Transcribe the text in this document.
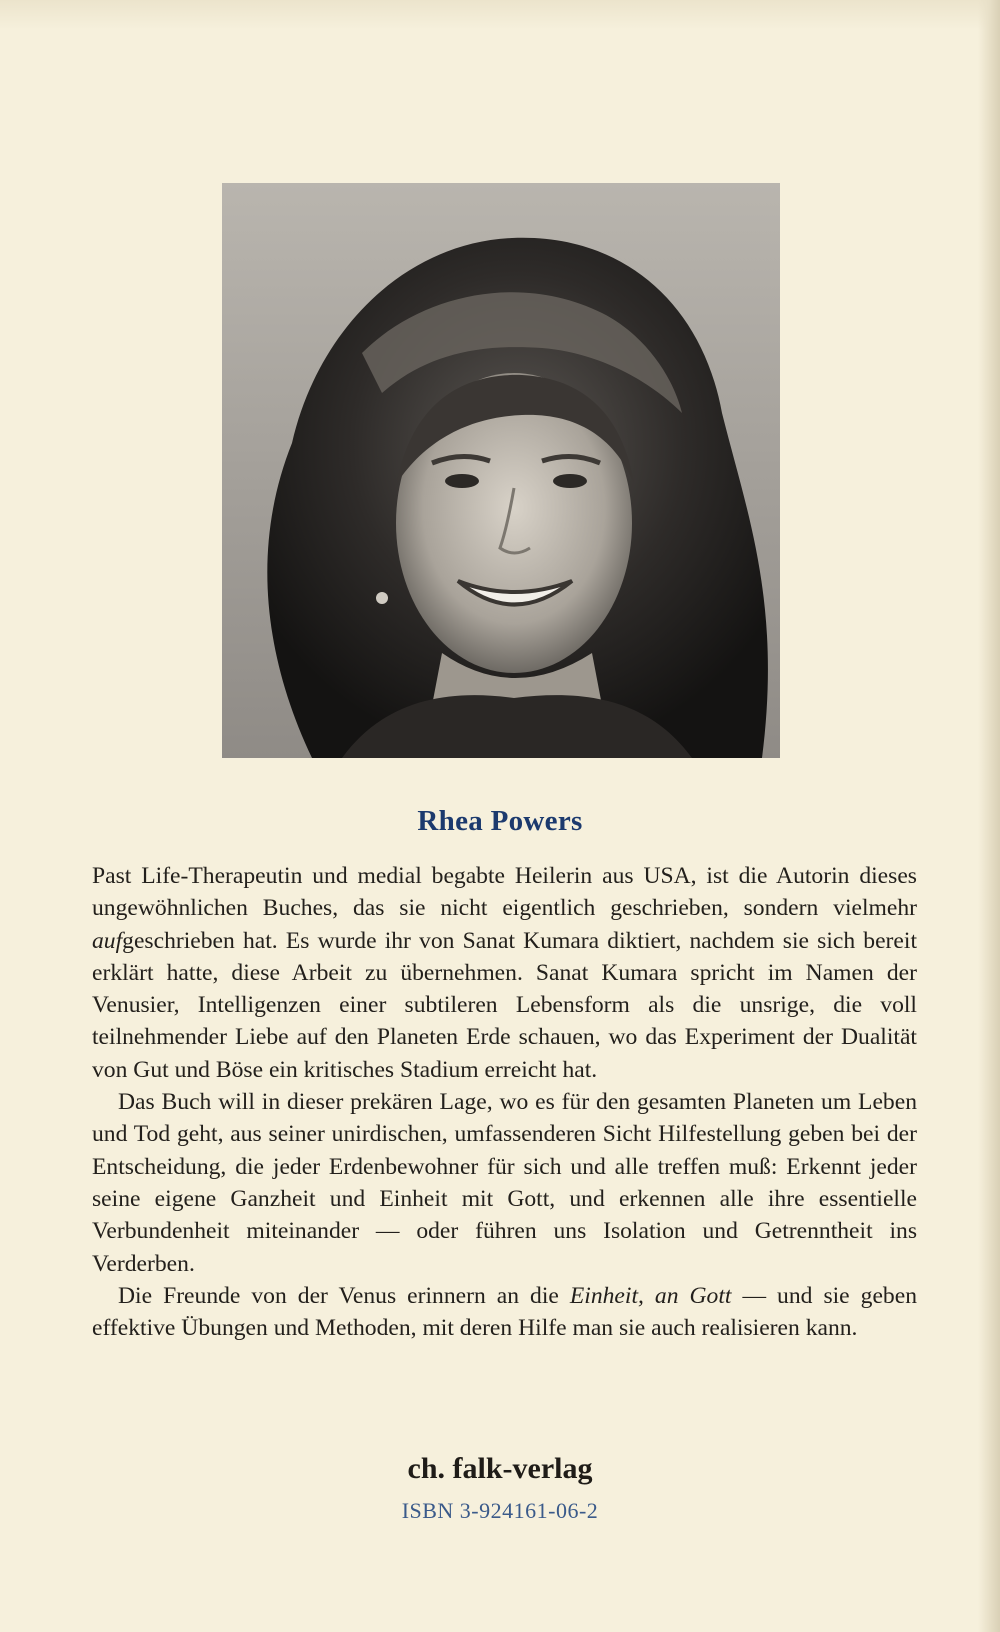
Rhea Powers

Past Life-Therapeutin und medial begabte Heilerin aus USA, ist die Autorin dieses ungewöhnlichen Buches, das sie nicht eigentlich geschrieben, sondern vielmehr aufgeschrieben hat. Es wurde ihr von Sanat Kumara diktiert, nachdem sie sich bereit erklärt hatte, diese Arbeit zu übernehmen. Sanat Kumara spricht im Namen der Venusier, Intelligenzen einer subtileren Lebensform als die unsrige, die voll teilnehmender Liebe auf den Planeten Erde schauen, wo das Experiment der Dualität von Gut und Böse ein kritisches Stadium erreicht hat.

Das Buch will in dieser prekären Lage, wo es für den gesamten Planeten um Leben und Tod geht, aus seiner unirdischen, umfassenderen Sicht Hilfestellung geben bei der Entscheidung, die jeder Erdenbewohner für sich und alle treffen muß: Erkennt jeder seine eigene Ganzheit und Einheit mit Gott, und erkennen alle ihre essentielle Verbundenheit miteinander — oder führen uns Isolation und Getrenntheit ins Verderben.

Die Freunde von der Venus erinnern an die Einheit, an Gott — und sie geben effektive Übungen und Methoden, mit deren Hilfe man sie auch realisieren kann.

ch. falk-verlag
ISBN 3-924161-06-2
